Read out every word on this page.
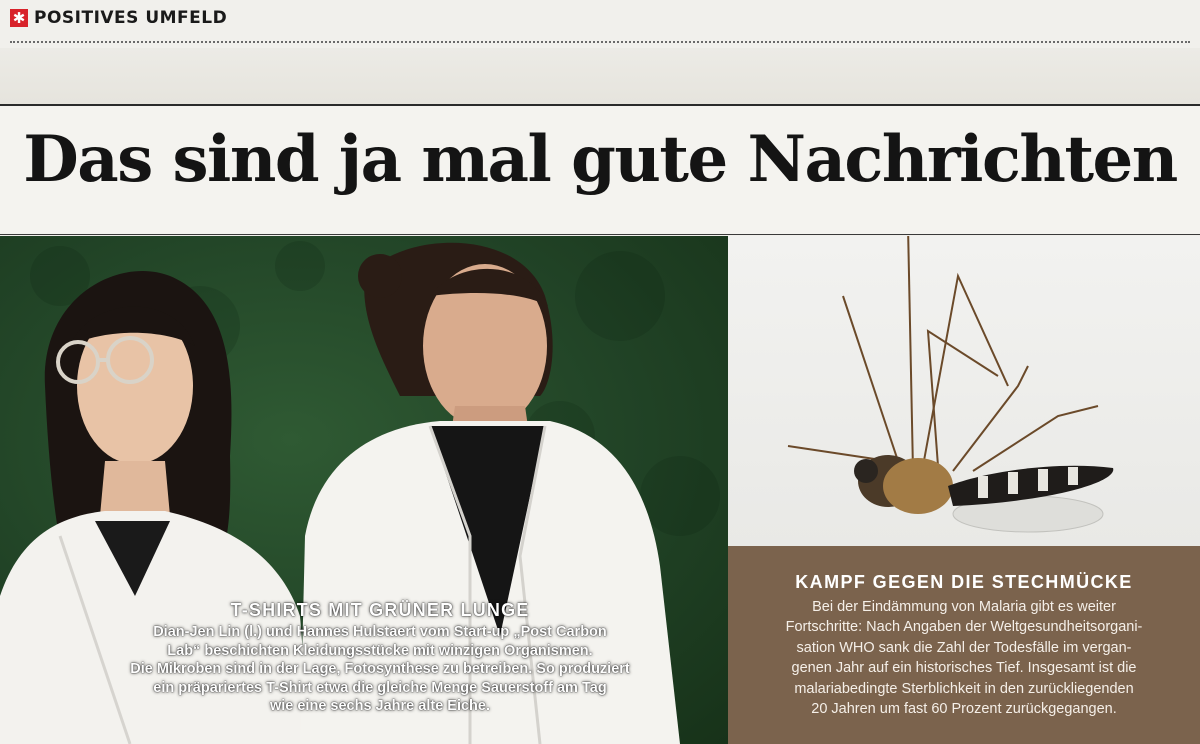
✱ POSITIVES UMFELD
Das sind ja mal gute Nachrichten
T-SHIRTS MIT GRÜNER LUNGE
Dian-Jen Lin (l.) und Hannes Hulstaert vom Start-up „Post Carbon
Lab“ beschichten Kleidungsstücke mit winzigen Organismen.
Die Mikroben sind in der Lage, Fotosynthese zu betreiben. So produziert
ein präpariertes T-Shirt etwa die gleiche Menge Sauerstoff am Tag
wie eine sechs Jahre alte Eiche.
KAMPF GEGEN DIE STECHMÜCKE
Bei der Eindämmung von Malaria gibt es weiter
Fortschritte: Nach Angaben der Weltgesundheitsorgani-
sation WHO sank die Zahl der Todesfälle im vergan-
genen Jahr auf ein historisches Tief. Insgesamt ist die
malariabedingte Sterblichkeit in den zurückliegenden
20 Jahren um fast 60 Prozent zurückgegangen.
